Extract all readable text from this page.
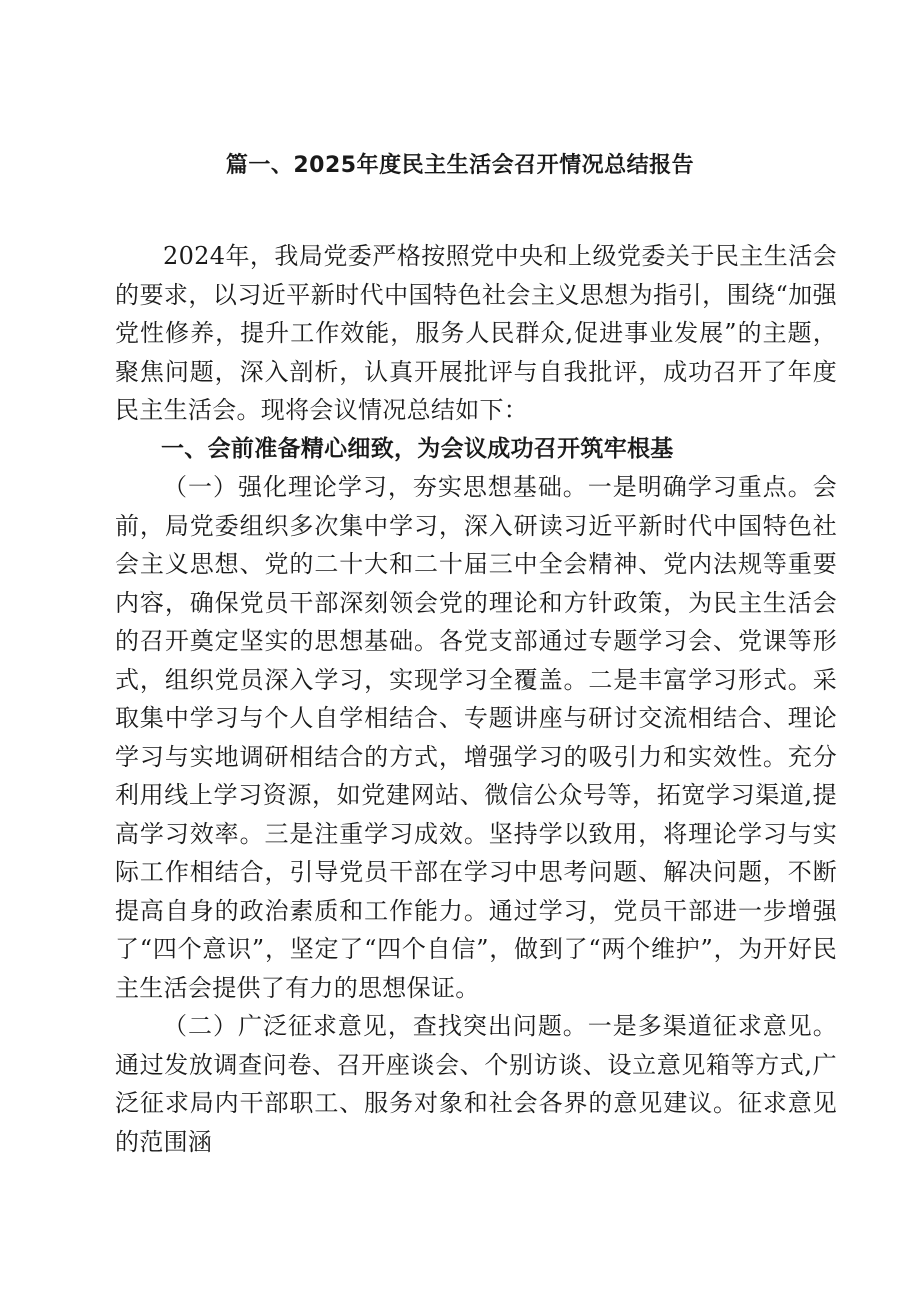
篇一、2025年度民主生活会召开情况总结报告

2024年，我局党委严格按照党中央和上级党委关于民主生活会的要求，以习近平新时代中国特色社会主义思想为指引，围绕“加强党性修养，提升工作效能，服务人民群众,促进事业发展”的主题，聚焦问题，深入剖析，认真开展批评与自我批评，成功召开了年度民主生活会。现将会议情况总结如下：

一、会前准备精心细致，为会议成功召开筑牢根基

（一）强化理论学习，夯实思想基础。一是明确学习重点。会前，局党委组织多次集中学习，深入研读习近平新时代中国特色社会主义思想、党的二十大和二十届三中全会精神、党内法规等重要内容，确保党员干部深刻领会党的理论和方针政策，为民主生活会的召开奠定坚实的思想基础。各党支部通过专题学习会、党课等形式，组织党员深入学习，实现学习全覆盖。二是丰富学习形式。采取集中学习与个人自学相结合、专题讲座与研讨交流相结合、理论学习与实地调研相结合的方式，增强学习的吸引力和实效性。充分利用线上学习资源，如党建网站、微信公众号等，拓宽学习渠道,提高学习效率。三是注重学习成效。坚持学以致用，将理论学习与实际工作相结合，引导党员干部在学习中思考问题、解决问题，不断提高自身的政治素质和工作能力。通过学习，党员干部进一步增强了“四个意识”，坚定了“四个自信”，做到了“两个维护”，为开好民主生活会提供了有力的思想保证。

（二）广泛征求意见，查找突出问题。一是多渠道征求意见。通过发放调查问卷、召开座谈会、个别访谈、设立意见箱等方式,广泛征求局内干部职工、服务对象和社会各界的意见建议。征求意见的范围涵
